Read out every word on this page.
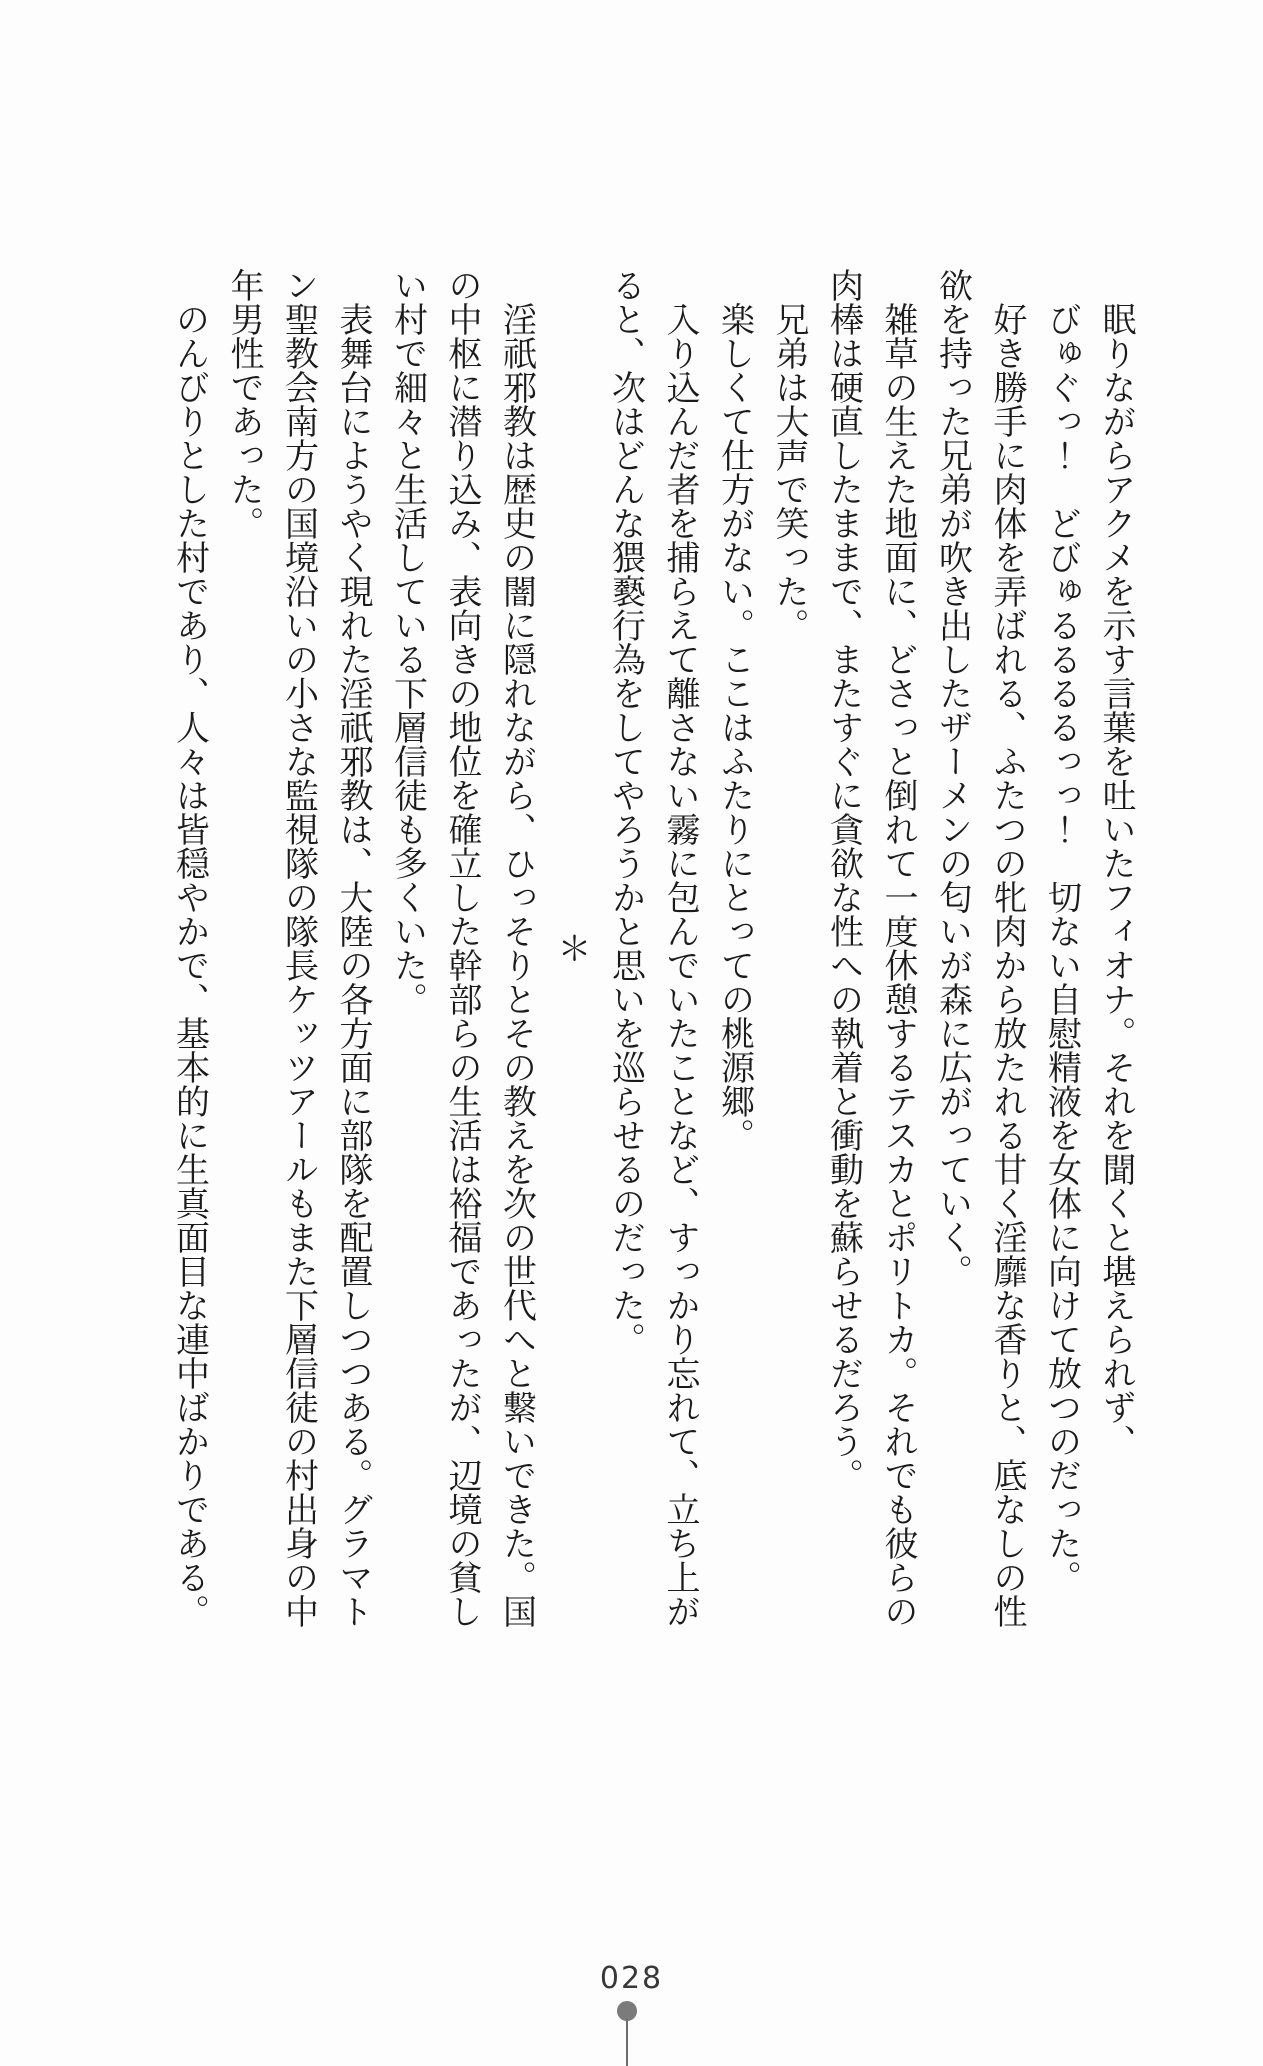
眠りながらアクメを示す言葉を吐いたフィオナ。それを聞くと堪えられず、

びゅぐっ！　どびゅるるるるっっ！　切ない自慰精液を女体に向けて放つのだった。

好き勝手に肉体を弄ばれる、ふたつの牝肉から放たれる甘く淫靡な香りと、底なしの性欲を持った兄弟が吹き出したザーメンの匂いが森に広がっていく。

雑草の生えた地面に、どさっと倒れて一度休憩するテスカとポリトカ。それでも彼らの肉棒は硬直したままで、またすぐに貪欲な性への執着と衝動を蘇らせるだろう。

兄弟は大声で笑った。

楽しくて仕方がない。ここはふたりにとっての桃源郷。

入り込んだ者を捕らえて離さない霧に包んでいたことなど、すっかり忘れて、立ち上がると、次はどんな猥褻行為をしてやろうかと思いを巡らせるのだった。

＊

淫祇邪教は歴史の闇に隠れながら、ひっそりとその教えを次の世代へと繋いできた。国の中枢に潜り込み、表向きの地位を確立した幹部らの生活は裕福であったが、辺境の貧しい村で細々と生活している下層信徒も多くいた。

表舞台にようやく現れた淫祇邪教は、大陸の各方面に部隊を配置しつつある。グラマトン聖教会南方の国境沿いの小さな監視隊の隊長ケッツアールもまた下層信徒の村出身の中年男性であった。

のんびりとした村であり、人々は皆穏やかで、基本的に生真面目な連中ばかりである。

028
